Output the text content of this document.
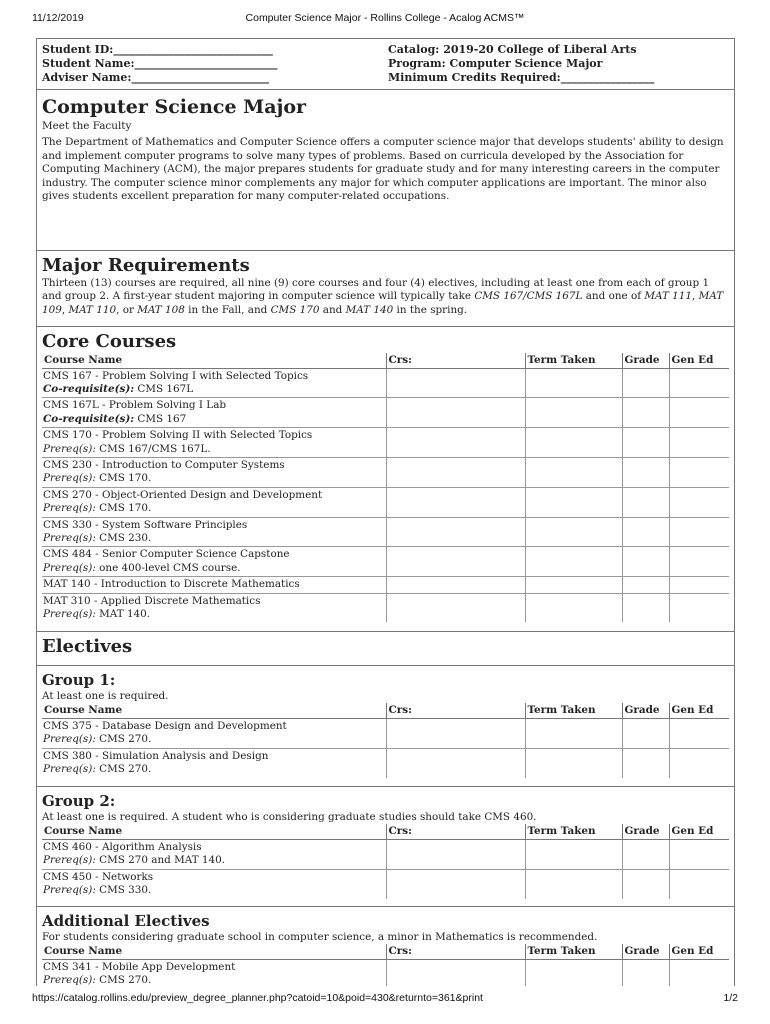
11/12/2019	Computer Science Major - Rollins College - Acalog ACMS™
Student ID:_____________________________
Student Name:__________________________
Adviser Name:_________________________
Catalog: 2019-20 College of Liberal Arts
Program: Computer Science Major
Minimum Credits Required:_________________
Computer Science Major

Meet the Faculty

The Department of Mathematics and Computer Science offers a computer science major that develops students' ability to design and implement computer programs to solve many types of problems. Based on curricula developed by the Association for Computing Machinery (ACM), the major prepares students for graduate study and for many interesting careers in the computer industry. The computer science minor complements any major for which computer applications are important. The minor also gives students excellent preparation for many computer-related occupations.

Major Requirements

Thirteen (13) courses are required, all nine (9) core courses and four (4) electives, including at least one from each of group 1 and group 2. A first-year student majoring in computer science will typically take CMS 167/CMS 167L and one of MAT 111, MAT 109, MAT 110, or MAT 108 in the Fall, and CMS 170 and MAT 140 in the spring.

Core Courses
Course Name	Crs:	Term Taken	Grade	Gen Ed

CMS 167 - Problem Solving I with Selected Topics
Co-requisite(s): CMS 167L				

CMS 167L - Problem Solving I Lab
Co-requisite(s): CMS 167				

CMS 170 - Problem Solving II with Selected Topics
Prereq(s): CMS 167/CMS 167L.				

CMS 230 - Introduction to Computer Systems
Prereq(s): CMS 170.				

CMS 270 - Object-Oriented Design and Development
Prereq(s): CMS 170.				

CMS 330 - System Software Principles
Prereq(s): CMS 230.				

CMS 484 - Senior Computer Science Capstone
Prereq(s): one 400-level CMS course.				

MAT 140 - Introduction to Discrete Mathematics				

MAT 310 - Applied Discrete Mathematics
Prereq(s): MAT 140.				

Electives
Group 1:

At least one is required.

Course Name	Crs:	Term Taken	Grade	Gen Ed

CMS 375 - Database Design and Development
Prereq(s): CMS 270.				

CMS 380 - Simulation Analysis and Design
Prereq(s): CMS 270.				

Group 2:

At least one is required. A student who is considering graduate studies should take CMS 460.

Course Name	Crs:	Term Taken	Grade	Gen Ed

CMS 460 - Algorithm Analysis
Prereq(s): CMS 270 and MAT 140.				

CMS 450 - Networks
Prereq(s): CMS 330.				

Additional Electives

For students considering graduate school in computer science, a minor in Mathematics is recommended.

Course Name	Crs:	Term Taken	Grade	Gen Ed

CMS 341 - Mobile App Development
Prereq(s): CMS 270.				

https://catalog.rollins.edu/preview_degree_planner.php?catoid=10&poid=430&returnto=361&print	1/2
